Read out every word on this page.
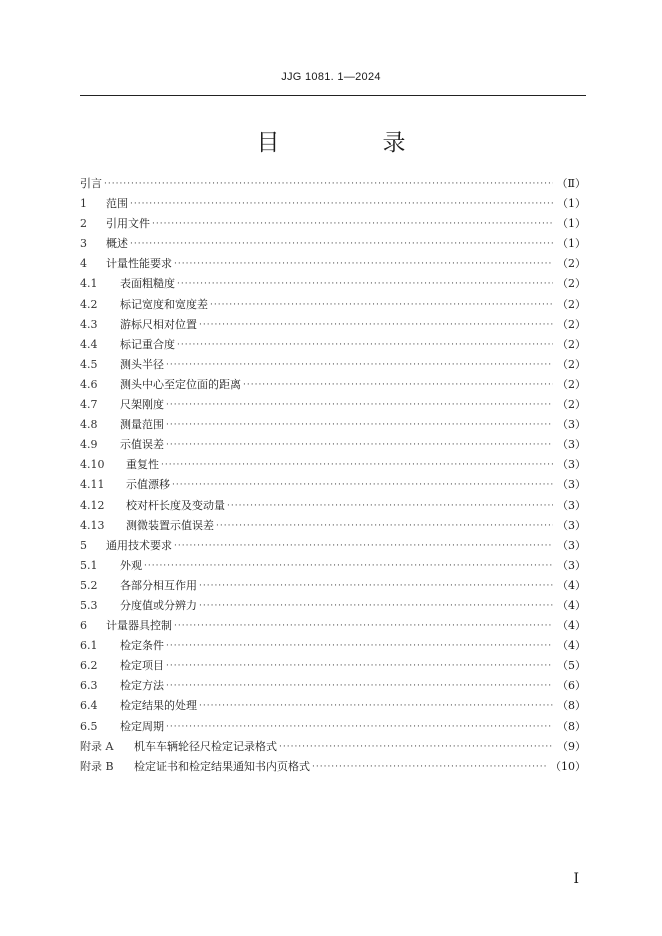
JJG 1081. 1—2024
目　录
引言 ·····	（Ⅱ）
1	范围 ·····	（1）
2	引用文件 ·····	（1）
3	概述 ·····	（1）
4	计量性能要求 ·····	（2）
4.1	表面粗糙度 ·····	（2）
4.2	标记宽度和宽度差 ·····	（2）
4.3	游标尺相对位置 ·····	（2）
4.4	标记重合度 ·····	（2）
4.5	测头半径 ·····	（2）
4.6	测头中心至定位面的距离 ·····	（2）
4.7	尺架刚度 ·····	（2）
4.8	测量范围 ·····	（3）
4.9	示值误差 ·····	（3）
4.10	重复性 ·····	（3）
4.11	示值漂移 ·····	（3）
4.12	校对杆长度及变动量 ·····	（3）
4.13	测微装置示值误差 ·····	（3）
5	通用技术要求 ·····	（3）
5.1	外观 ·····	（3）
5.2	各部分相互作用 ·····	（4）
5.3	分度值或分辨力 ·····	（4）
6	计量器具控制 ·····	（4）
6.1	检定条件 ·····	（4）
6.2	检定项目 ·····	（5）
6.3	检定方法 ·····	（6）
6.4	检定结果的处理 ·····	（8）
6.5	检定周期 ·····	（8）
附录 A	机车车辆轮径尺检定记录格式 ·····	（9）
附录 B	检定证书和检定结果通知书内页格式 ·····	（10）
I
